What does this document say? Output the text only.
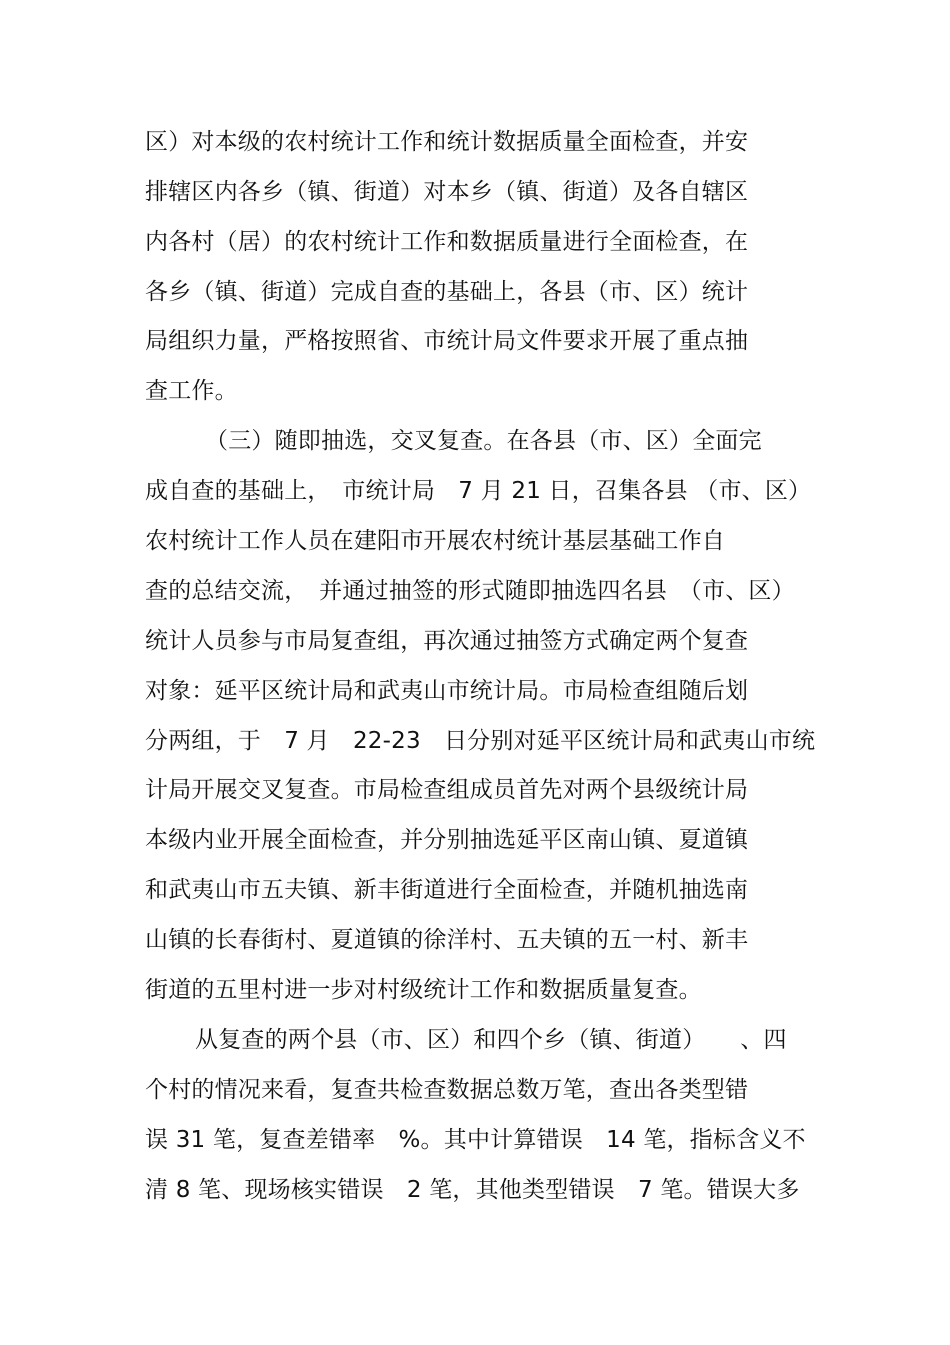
区）对本级的农村统计工作和统计数据质量全面检查，并安
排辖区内各乡（镇、街道）对本乡（镇、街道）及各自辖区
内各村（居）的农村统计工作和数据质量进行全面检查，在
各乡（镇、街道）完成自查的基础上，各县（市、区）统计
局组织力量，严格按照省、市统计局文件要求开展了重点抽
查工作。
（三）随即抽选，交叉复查。在各县（市、区）全面完
成自查的基础上，　市统计局　7 月 21 日，召集各县 （市、区）
农村统计工作人员在建阳市开展农村统计基层基础工作自
查的总结交流，　并通过抽签的形式随即抽选四名县　（市、区）
统计人员参与市局复查组，再次通过抽签方式确定两个复查
对象：延平区统计局和武夷山市统计局。市局检查组随后划
分两组，于　7 月　22-23　日分别对延平区统计局和武夷山市统
计局开展交叉复查。市局检查组成员首先对两个县级统计局
本级内业开展全面检查，并分别抽选延平区南山镇、夏道镇
和武夷山市五夫镇、新丰街道进行全面检查，并随机抽选南
山镇的长春街村、夏道镇的徐洋村、五夫镇的五一村、新丰
街道的五里村进一步对村级统计工作和数据质量复查。
从复查的两个县（市、区）和四个乡（镇、街道）　　、四
个村的情况来看，复查共检查数据总数万笔，查出各类型错
误 31 笔，复查差错率　%。其中计算错误　14 笔，指标含义不
清 8 笔、现场核实错误　2 笔，其他类型错误　7 笔。错误大多
